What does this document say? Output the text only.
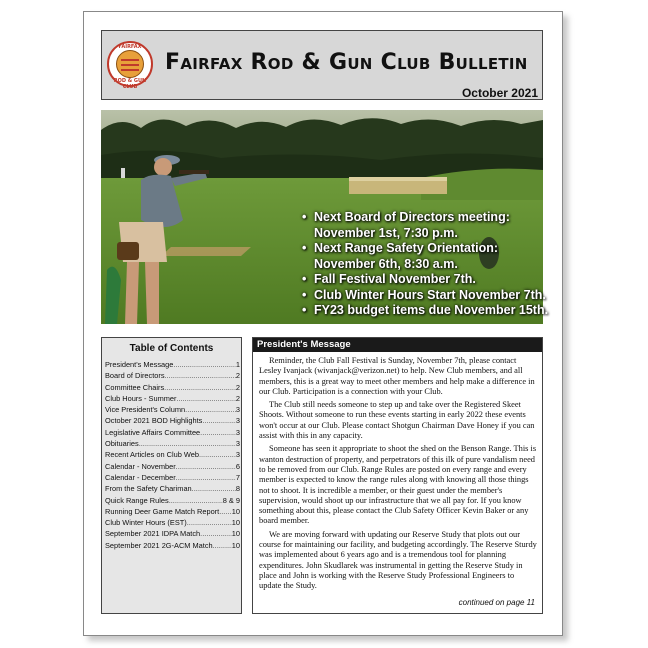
FAIRFAX
ROD & GUN CLUB
Fairfax Rod & Gun Club Bulletin
October 2021
• Next Board of Directors meeting: November 1st, 7:30 p.m.
• Next Range Safety Orientation: November 6th, 8:30 a.m.
• Fall Festival November 7th.
• Club Winter Hours Start November 7th.
• FY23 budget items due November 15th.
Table of Contents
President's Message .....	1
Board of Directors .....	2
Committee Chairs .....	2
Club Hours - Summer .....	2
Vice President's Column .....	3
October 2021 BOD Highlights .....	3
Legislative Affairs Committee .....	3
Obituaries .....	3
Recent Articles on Club Web .....	3
Calendar - November .....	6
Calendar - December .....	7
From the Safety Chariman .....	8
Quick Range Rules .....	8 & 9
Running Deer Game Match Report ..... 10
Club Winter Hours (EST) .....	10
September 2021 IDPA Match .....	10
September 2021 2G-ACM Match .....	10
President's Message

Reminder, the Club Fall Festival is Sunday, November 7th, please contact Lesley Ivanjack (wivanjack@verizon.net) to help. New Club members, and all members, this is a great way to meet other members and help make a difference in our Club. Participation is a connection with your Club.

The Club still needs someone to step up and take over the Registered Skeet Shoots. Without someone to run these events starting in early 2022 these events won't occur at our Club. Please contact Shotgun Chairman Dave Honey if you can assist with this in any capacity.

Someone has seen it appropriate to shoot the shed on the Benson Range. This is wanton destruction of property, and perpetrators of this ilk of pure vandalism need to be removed from our Club. Range Rules are posted on every range and every member is expected to know the range rules along with knowing all those things not to shoot. It is incredible a member, or their guest under the member's supervision, would shoot up our infrastructure that we all pay for. If you know something about this, please contact the Club Safety Officer Kevin Baker or any board member.

We are moving forward with updating our Reserve Study that plots out our course for maintaining our facility, and budgeting accordingly. The Reserve Sturdy was implemented about 6 years ago and is a tremendous tool for planning expenditures. John Skudlarek was instrumental in getting the Reserve Study in place and John is working with the Reserve Study Professional Engineers to update the Study.

continued on page 11
